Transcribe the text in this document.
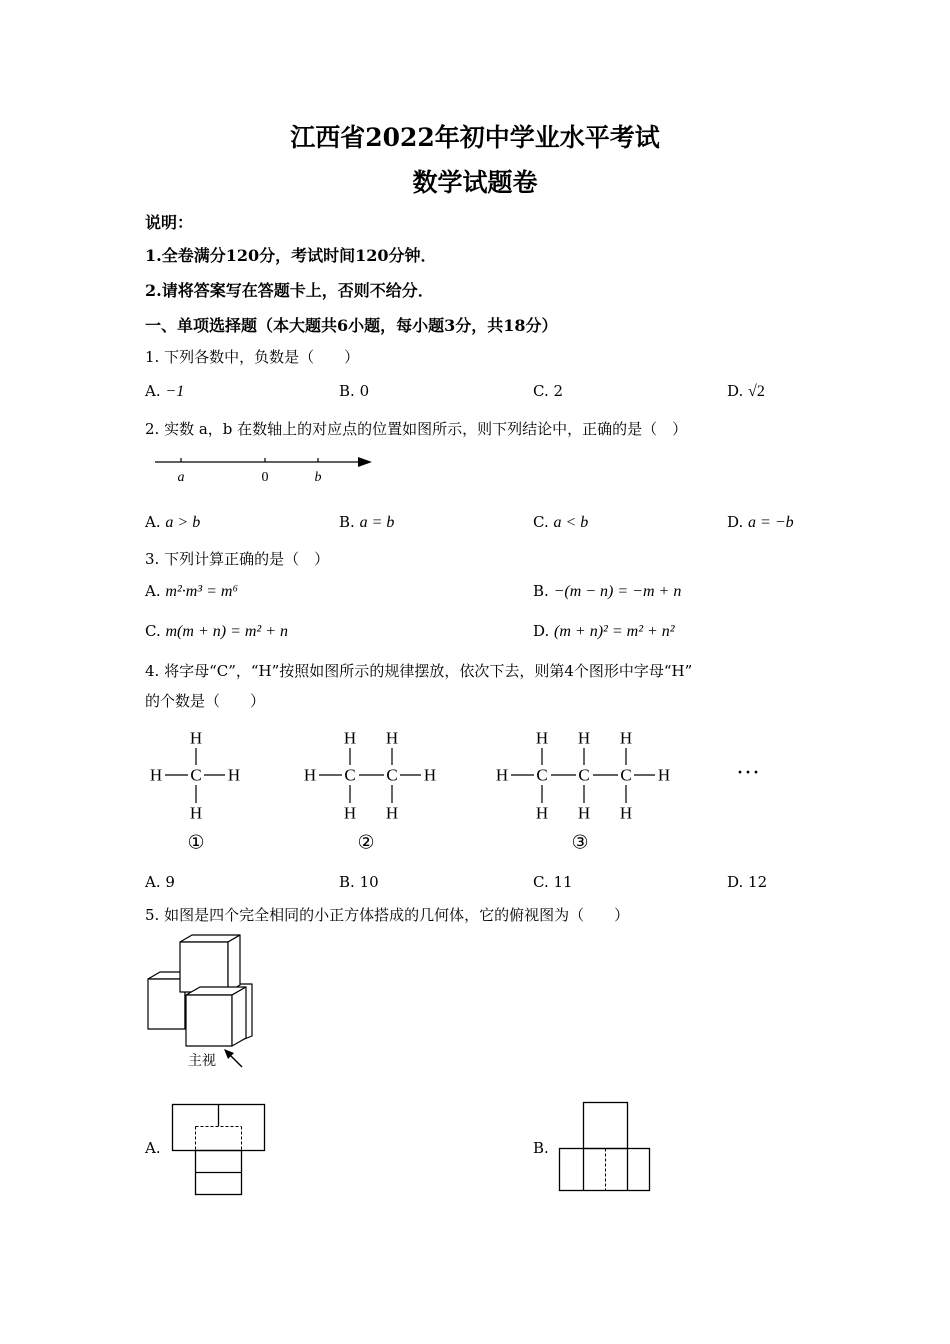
江西省2022年初中学业水平考试
数学试题卷
说明：
1.全卷满分120分，考试时间120分钟．
2.请将答案写在答题卡上，否则不给分．
一、单项选择题（本大题共6小题，每小题3分，共18分）
1. 下列各数中，负数是（　　）
A. −1	B. 0	C. 2	D. √2
2. 实数 a，b 在数轴上的对应点的位置如图所示，则下列结论中，正确的是（　）
a	0	b
A. a > b	B. a = b	C. a < b	D. a = −b
3. 下列计算正确的是（　）
A. m²·m³ = m⁶	B. −(m − n) = −m + n
C. m(m + n) = m² + n	D. (m + n)² = m² + n²
4. 将字母“C”，“H”按照如图所示的规律摆放，依次下去，则第4个图形中字母“H”
的个数是（　　）
H C
H
H
H
①
H C
H
H
C
H
H
H
②
H C
H
H
C
H
H
C
H
H
H
③
···
A. 9	B. 10	C. 11	D. 12
5. 如图是四个完全相同的小正方体搭成的几何体，它的俯视图为（　　）
主视
A.	B.
